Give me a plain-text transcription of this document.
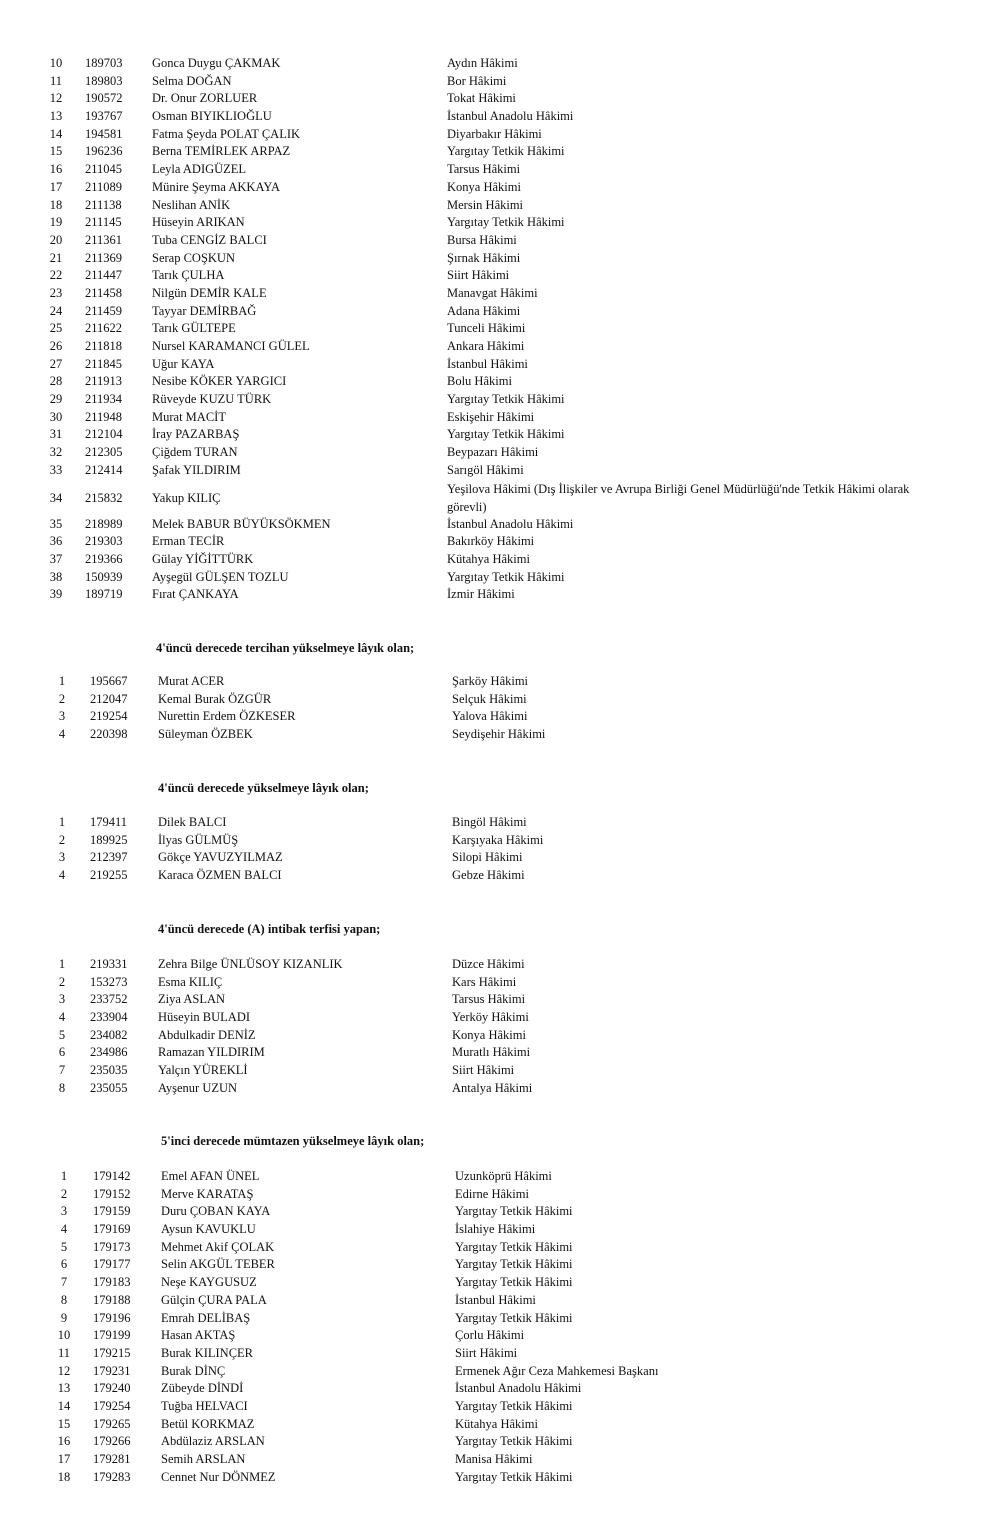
10	189703 Gonca Duygu ÇAKMAK	Aydın Hâkimi
11	189803 Selma DOĞAN	Bor Hâkimi
12	190572 Dr. Onur ZORLUER	Tokat Hâkimi
13	193767 Osman BIYIKLIOĞLU	İstanbul Anadolu Hâkimi
14	194581 Fatma Şeyda POLAT ÇALIK	Diyarbakır Hâkimi
15	196236 Berna TEMİRLEK ARPAZ	Yargıtay Tetkik Hâkimi
16	211045 Leyla ADIGÜZEL	Tarsus Hâkimi
17	211089 Münire Şeyma AKKAYA	Konya Hâkimi
18	211138 Neslihan ANİK	Mersin Hâkimi
19	211145 Hüseyin ARIKAN	Yargıtay Tetkik Hâkimi
20	211361 Tuba CENGİZ BALCI	Bursa Hâkimi
21	211369 Serap COŞKUN	Şırnak Hâkimi
22	211447 Tarık ÇULHA	Siirt Hâkimi
23	211458 Nilgün DEMİR KALE	Manavgat Hâkimi
24	211459 Tayyar DEMİRBAĞ	Adana Hâkimi
25	211622 Tarık GÜLTEPE	Tunceli Hâkimi
26	211818 Nursel KARAMANCI GÜLEL	Ankara Hâkimi
27	211845 Uğur KAYA	İstanbul Hâkimi
28	211913 Nesibe KÖKER YARGICI	Bolu Hâkimi
29	211934 Rüveyde KUZU TÜRK	Yargıtay Tetkik Hâkimi
30	211948 Murat MACİT	Eskişehir Hâkimi
31	212104 İray PAZARBAŞ	Yargıtay Tetkik Hâkimi
32	212305 Çiğdem TURAN	Beypazarı Hâkimi
33	212414 Şafak YILDIRIM	Sarıgöl Hâkimi
34	215832 Yakup KILIÇ
Yeşilova Hâkimi (Dış İlişkiler ve Avrupa Birliği Genel Müdürlüğü'nde Tetkik Hâkimi olarak görevli)
35	218989 Melek BABUR BÜYÜKSÖKMEN	İstanbul Anadolu Hâkimi
36	219303 Erman TECİR	Bakırköy Hâkimi
37	219366 Gülay YİĞİTTÜRK	Kütahya Hâkimi
38	150939 Ayşegül GÜLŞEN TOZLU	Yargıtay Tetkik Hâkimi
39	189719 Fırat ÇANKAYA	İzmir Hâkimi
4'üncü derecede tercihan yükselmeye lâyık olan;
1	195667 Murat ACER	Şarköy Hâkimi
2	212047 Kemal Burak ÖZGÜR	Selçuk Hâkimi
3	219254 Nurettin Erdem ÖZKESER	Yalova Hâkimi
4	220398 Süleyman ÖZBEK	Seydişehir Hâkimi
4'üncü derecede yükselmeye lâyık olan;
1	179411 Dilek BALCI	Bingöl Hâkimi
2	189925 İlyas GÜLMÜŞ	Karşıyaka Hâkimi
3	212397 Gökçe YAVUZYILMAZ	Silopi Hâkimi
4	219255 Karaca ÖZMEN BALCI	Gebze Hâkimi
4'üncü derecede (A) intibak terfisi yapan;
1	219331 Zehra Bilge ÜNLÜSOY KIZANLIK	Düzce Hâkimi
2	153273 Esma KILIÇ	Kars Hâkimi
3	233752 Ziya ASLAN	Tarsus Hâkimi
4	233904 Hüseyin BULADI	Yerköy Hâkimi
5	234082 Abdulkadir DENİZ	Konya Hâkimi
6	234986 Ramazan YILDIRIM	Muratlı Hâkimi
7	235035 Yalçın YÜREKLİ	Siirt Hâkimi
8	235055 Ayşenur UZUN	Antalya Hâkimi
5'inci derecede mümtazen yükselmeye lâyık olan;
1	179142 Emel AFAN ÜNEL	Uzunköprü Hâkimi
2	179152 Merve KARATAŞ	Edirne Hâkimi
3	179159 Duru ÇOBAN KAYA	Yargıtay Tetkik Hâkimi
4	179169 Aysun KAVUKLU	İslahiye Hâkimi
5	179173 Mehmet Akif ÇOLAK	Yargıtay Tetkik Hâkimi
6	179177 Selin AKGÜL TEBER	Yargıtay Tetkik Hâkimi
7	179183 Neşe KAYGUSUZ	Yargıtay Tetkik Hâkimi
8	179188 Gülçin ÇURA PALA	İstanbul Hâkimi
9	179196 Emrah DELİBAŞ	Yargıtay Tetkik Hâkimi
10	179199 Hasan AKTAŞ	Çorlu Hâkimi
11	179215 Burak KILINÇER	Siirt Hâkimi
12	179231 Burak DİNÇ	Ermenek Ağır Ceza Mahkemesi Başkanı
13	179240 Zübeyde DİNDİ	İstanbul Anadolu Hâkimi
14	179254 Tuğba HELVACI	Yargıtay Tetkik Hâkimi
15	179265 Betül KORKMAZ	Kütahya Hâkimi
16	179266 Abdülaziz ARSLAN	Yargıtay Tetkik Hâkimi
17	179281 Semih ARSLAN	Manisa Hâkimi
18	179283 Cennet Nur DÖNMEZ	Yargıtay Tetkik Hâkimi
